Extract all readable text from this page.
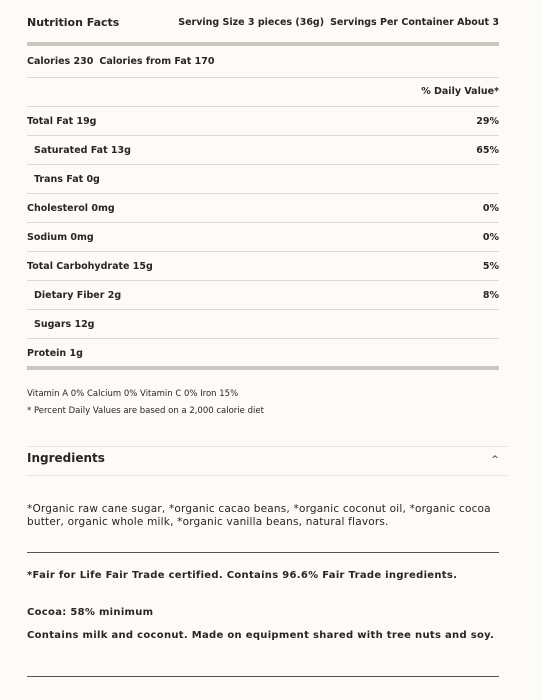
Nutrition Facts	Serving Size 3 pieces (36g) Servings Per Container About 3
Calories 230 Calories from Fat 170
% Daily Value*
Total Fat 19g	29%
Saturated Fat 13g	65%
Trans Fat 0g
Cholesterol 0mg	0%
Sodium 0mg	0%
Total Carbohydrate 15g	5%
Dietary Fiber 2g	8%
Sugars 12g
Protein 1g
Vitamin A 0% Calcium 0% Vitamin C 0% Iron 15%
* Percent Daily Values are based on a 2,000 calorie diet
Ingredients	^
*Organic raw cane sugar, *organic cacao beans, *organic coconut oil, *organic cocoa butter, organic whole milk, *organic vanilla beans, natural flavors.
*Fair for Life Fair Trade certified. Contains 96.6% Fair Trade ingredients.
Cocoa: 58% minimum
Contains milk and coconut. Made on equipment shared with tree nuts and soy.
